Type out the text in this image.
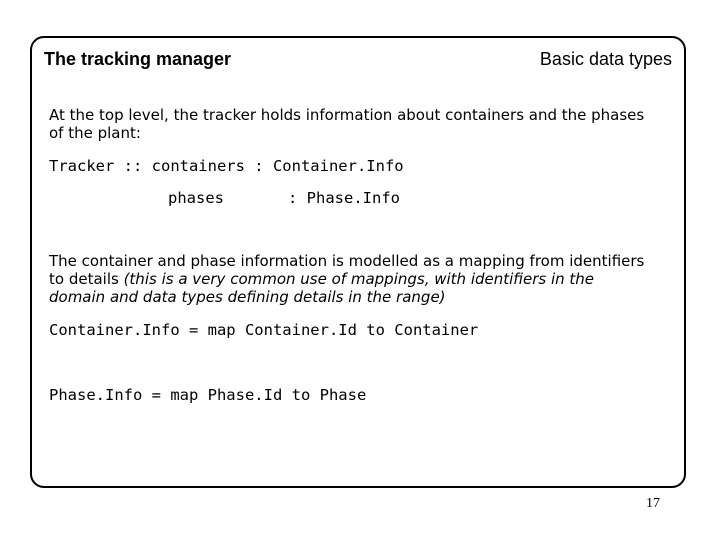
The tracking manager	Basic data types

At the top level, the tracker holds information about containers and the phases of the plant:

Tracker :: containers : Container.Info
phases	: Phase.Info

The container and phase information is modelled as a mapping from identifiers to details (this is a very common use of mappings, with identifiers in the domain and data types defining details in the range)

Container.Info = map Container.Id to Container
Phase.Info = map Phase.Id to Phase
17
